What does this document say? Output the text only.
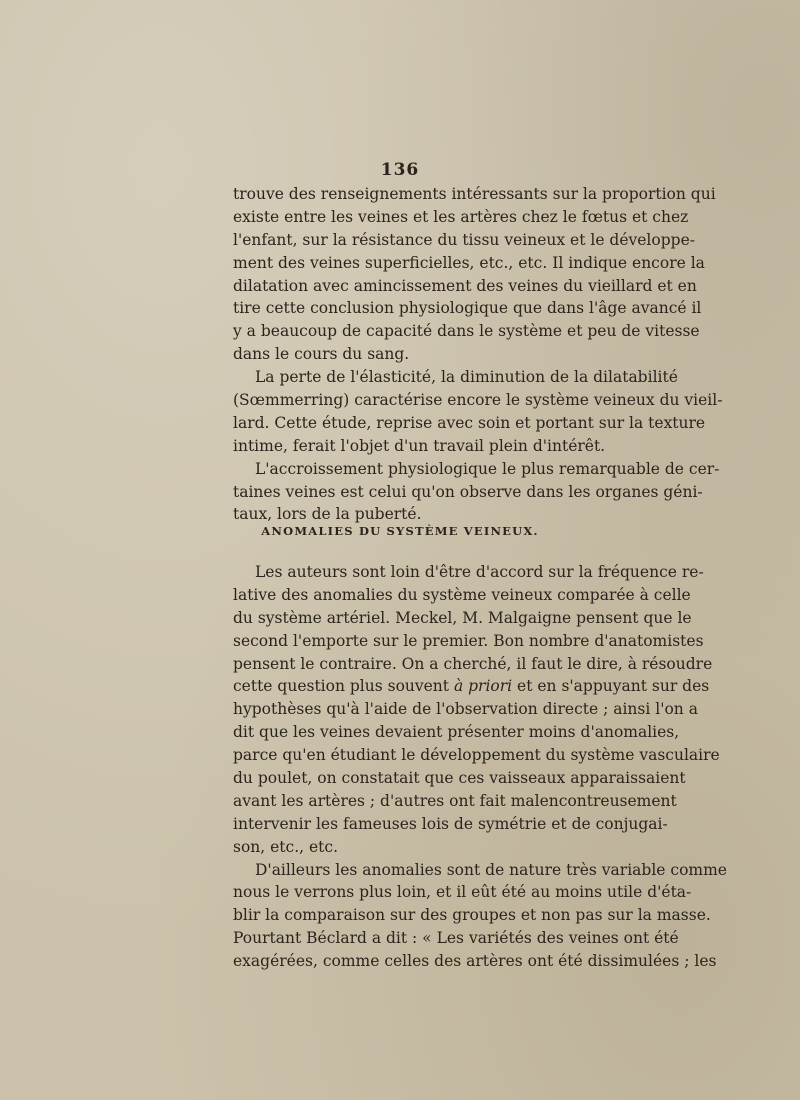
136
trouve des renseignements intéressants sur la proportion qui
existe entre les veines et les artères chez le fœtus et chez
l'enfant, sur la résistance du tissu veineux et le développe-
ment des veines superficielles, etc., etc. Il indique encore la
dilatation avec amincissement des veines du vieillard et en
tire cette conclusion physiologique que dans l'âge avancé il
y a beaucoup de capacité dans le système et peu de vitesse
dans le cours du sang.
La perte de l'élasticité, la diminution de la dilatabilité
(Sœmmerring) caractérise encore le système veineux du vieil-
lard. Cette étude, reprise avec soin et portant sur la texture
intime, ferait l'objet d'un travail plein d'intérêt.
L'accroissement physiologique le plus remarquable de cer-
taines veines est celui qu'on observe dans les organes géni-
taux, lors de la puberté.
ANOMALIES DU SYSTÈME VEINEUX.
Les auteurs sont loin d'être d'accord sur la fréquence re-
lative des anomalies du système veineux comparée à celle
du système artériel. Meckel, M. Malgaigne pensent que le
second l'emporte sur le premier. Bon nombre d'anatomistes
pensent le contraire. On a cherché, il faut le dire, à résoudre
cette question plus souvent à priori et en s'appuyant sur des
hypothèses qu'à l'aide de l'observation directe ; ainsi l'on a
dit que les veines devaient présenter moins d'anomalies,
parce qu'en étudiant le développement du système vasculaire
du poulet, on constatait que ces vaisseaux apparaissaient
avant les artères ; d'autres ont fait malencontreusement
intervenir les fameuses lois de symétrie et de conjugai-
son, etc., etc.
D'ailleurs les anomalies sont de nature très variable comme
nous le verrons plus loin, et il eût été au moins utile d'éta-
blir la comparaison sur des groupes et non pas sur la masse.
Pourtant Béclard a dit : « Les variétés des veines ont été
exagérées, comme celles des artères ont été dissimulées ; les
